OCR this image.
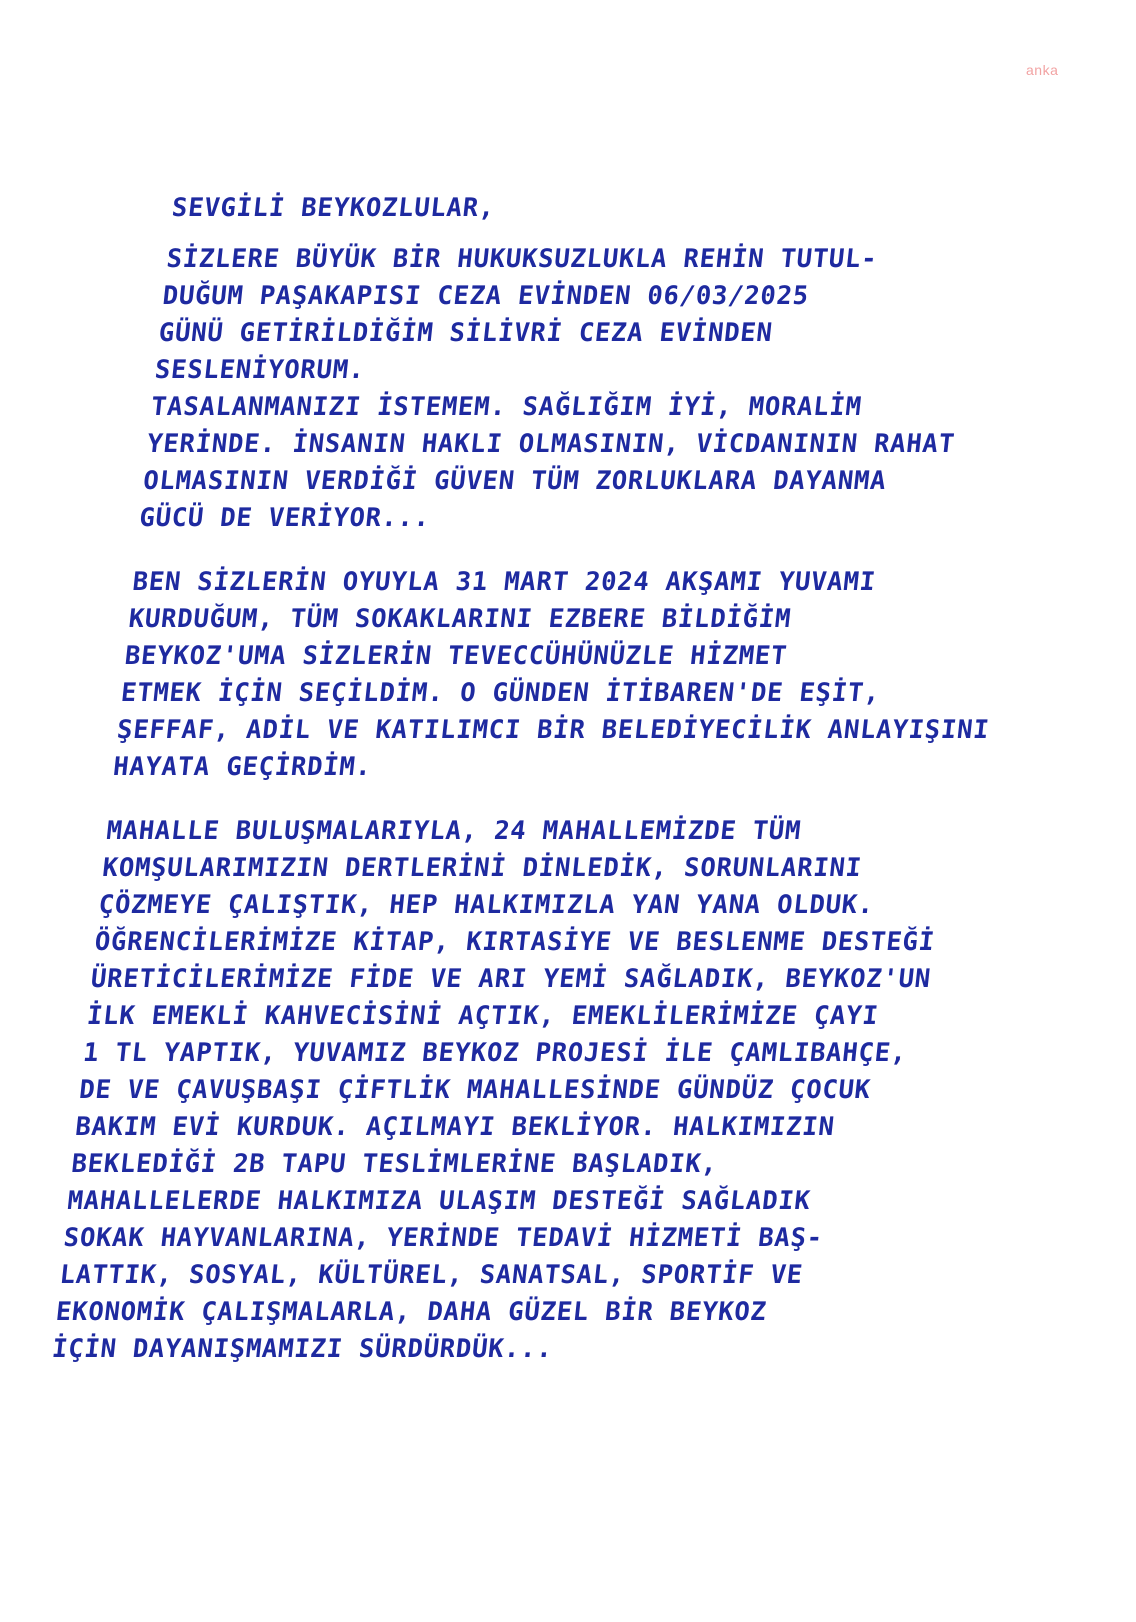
anka
SEVGİLİ BEYKOZLULAR,
SİZLERE BÜYÜK BİR HUKUKSUZLUKLA REHİN TUTUL-
DUĞUM PAŞAKAPISI CEZA EVİNDEN 06/03/2025
GÜNÜ GETİRİLDİĞİM SİLİVRİ CEZA EVİNDEN
SESLENİYORUM.
TASALANMANIZI İSTEMEM. SAĞLIĞIM İYİ, MORALİM
YERİNDE. İNSANIN HAKLI OLMASININ, VİCDANININ RAHAT
OLMASININ VERDİĞİ GÜVEN TÜM ZORLUKLARA DAYANMA
GÜCÜ DE VERİYOR...
BEN SİZLERİN OYUYLA 31 MART 2024 AKŞAMI YUVAMI
KURDUĞUM, TÜM SOKAKLARINI EZBERE BİLDİĞİM
BEYKOZ'UMA SİZLERİN TEVECCÜHÜNÜZLE HİZMET
ETMEK İÇİN SEÇİLDİM. O GÜNDEN İTİBAREN'DE EŞİT,
ŞEFFAF, ADİL VE KATILIMCI BİR BELEDİYECİLİK ANLAYIŞINI
HAYATA GEÇİRDİM.
MAHALLE BULUŞMALARIYLA, 24 MAHALLEMİZDE TÜM
KOMŞULARIMIZIN DERTLERİNİ DİNLEDİK, SORUNLARINI
ÇÖZMEYE ÇALIŞTIK, HEP HALKIMIZLA YAN YANA OLDUK.
ÖĞRENCİLERİMİZE KİTAP, KIRTASİYE VE BESLENME DESTEĞİ
ÜRETİCİLERİMİZE FİDE VE ARI YEMİ SAĞLADIK, BEYKOZ'UN
İLK EMEKLİ KAHVECİSİNİ AÇTIK, EMEKLİLERİMİZE ÇAYI
1 TL YAPTIK, YUVAMIZ BEYKOZ PROJESİ İLE ÇAMLIBAHÇE,
DE VE ÇAVUŞBAŞI ÇİFTLİK MAHALLESİNDE GÜNDÜZ ÇOCUK
BAKIM EVİ KURDUK. AÇILMAYI BEKLİYOR. HALKIMIZIN
BEKLEDİĞİ 2B TAPU TESLİMLERİNE BAŞLADIK,
MAHALLELERDE HALKIMIZA ULAŞIM DESTEĞİ SAĞLADIK
SOKAK HAYVANLARINA, YERİNDE TEDAVİ HİZMETİ BAŞ-
LATTIK, SOSYAL, KÜLTÜREL, SANATSAL, SPORTİF VE
EKONOMİK ÇALIŞMALARLA, DAHA GÜZEL BİR BEYKOZ
İÇİN DAYANIŞMAMIZI SÜRDÜRDÜK...
